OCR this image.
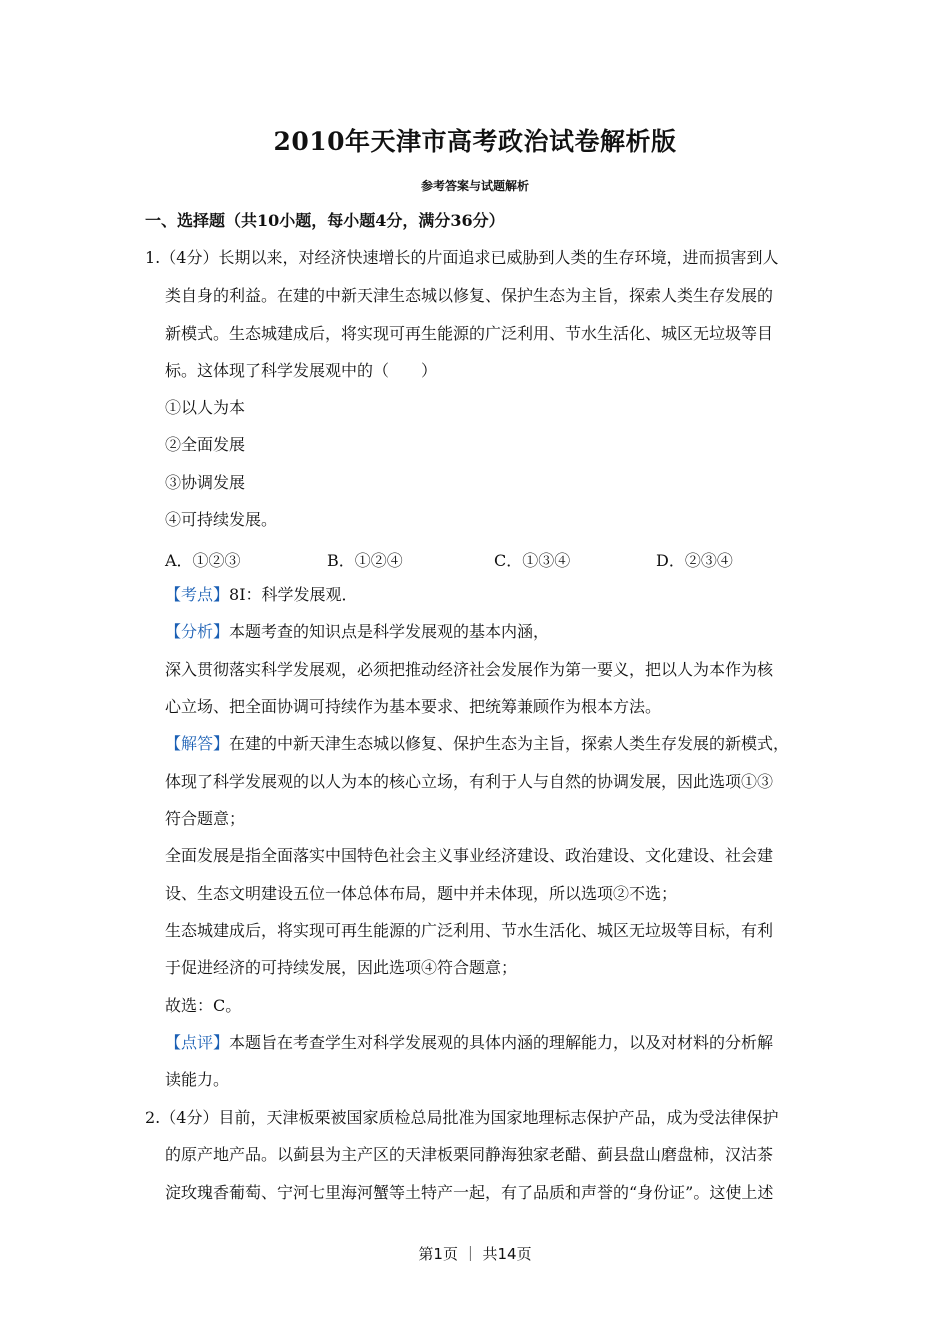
2010年天津市高考政治试卷解析版
参考答案与试题解析
一、选择题（共10小题，每小题4分，满分36分）
1.（4分）长期以来，对经济快速增长的片面追求已威胁到人类的生存环境，进而损害到人
类自身的利益。在建的中新天津生态城以修复、保护生态为主旨，探索人类生存发展的
新模式。生态城建成后，将实现可再生能源的广泛利用、节水生活化、城区无垃圾等目
标。这体现了科学发展观中的（　　）
①以人为本
②全面发展
③协调发展
④可持续发展。
A．①②③	B．①②④	C．①③④	D．②③④
【考点】8I：科学发展观．
【分析】本题考查的知识点是科学发展观的基本内涵，
深入贯彻落实科学发展观，必须把推动经济社会发展作为第一要义，把以人为本作为核
心立场、把全面协调可持续作为基本要求、把统筹兼顾作为根本方法。
【解答】在建的中新天津生态城以修复、保护生态为主旨，探索人类生存发展的新模式，
体现了科学发展观的以人为本的核心立场，有利于人与自然的协调发展，因此选项①③
符合题意；
全面发展是指全面落实中国特色社会主义事业经济建设、政治建设、文化建设、社会建
设、生态文明建设五位一体总体布局，题中并未体现，所以选项②不选；
生态城建成后，将实现可再生能源的广泛利用、节水生活化、城区无垃圾等目标，有利
于促进经济的可持续发展，因此选项④符合题意；
故选：C。
【点评】本题旨在考查学生对科学发展观的具体内涵的理解能力，以及对材料的分析解
读能力。
2.（4分）目前，天津板栗被国家质检总局批准为国家地理标志保护产品，成为受法律保护
的原产地产品。以蓟县为主产区的天津板栗同静海独家老醋、蓟县盘山磨盘柿，汉沽茶
淀玫瑰香葡萄、宁河七里海河蟹等土特产一起，有了品质和声誉的“身份证”。这使上述
第1页 ｜ 共14页
